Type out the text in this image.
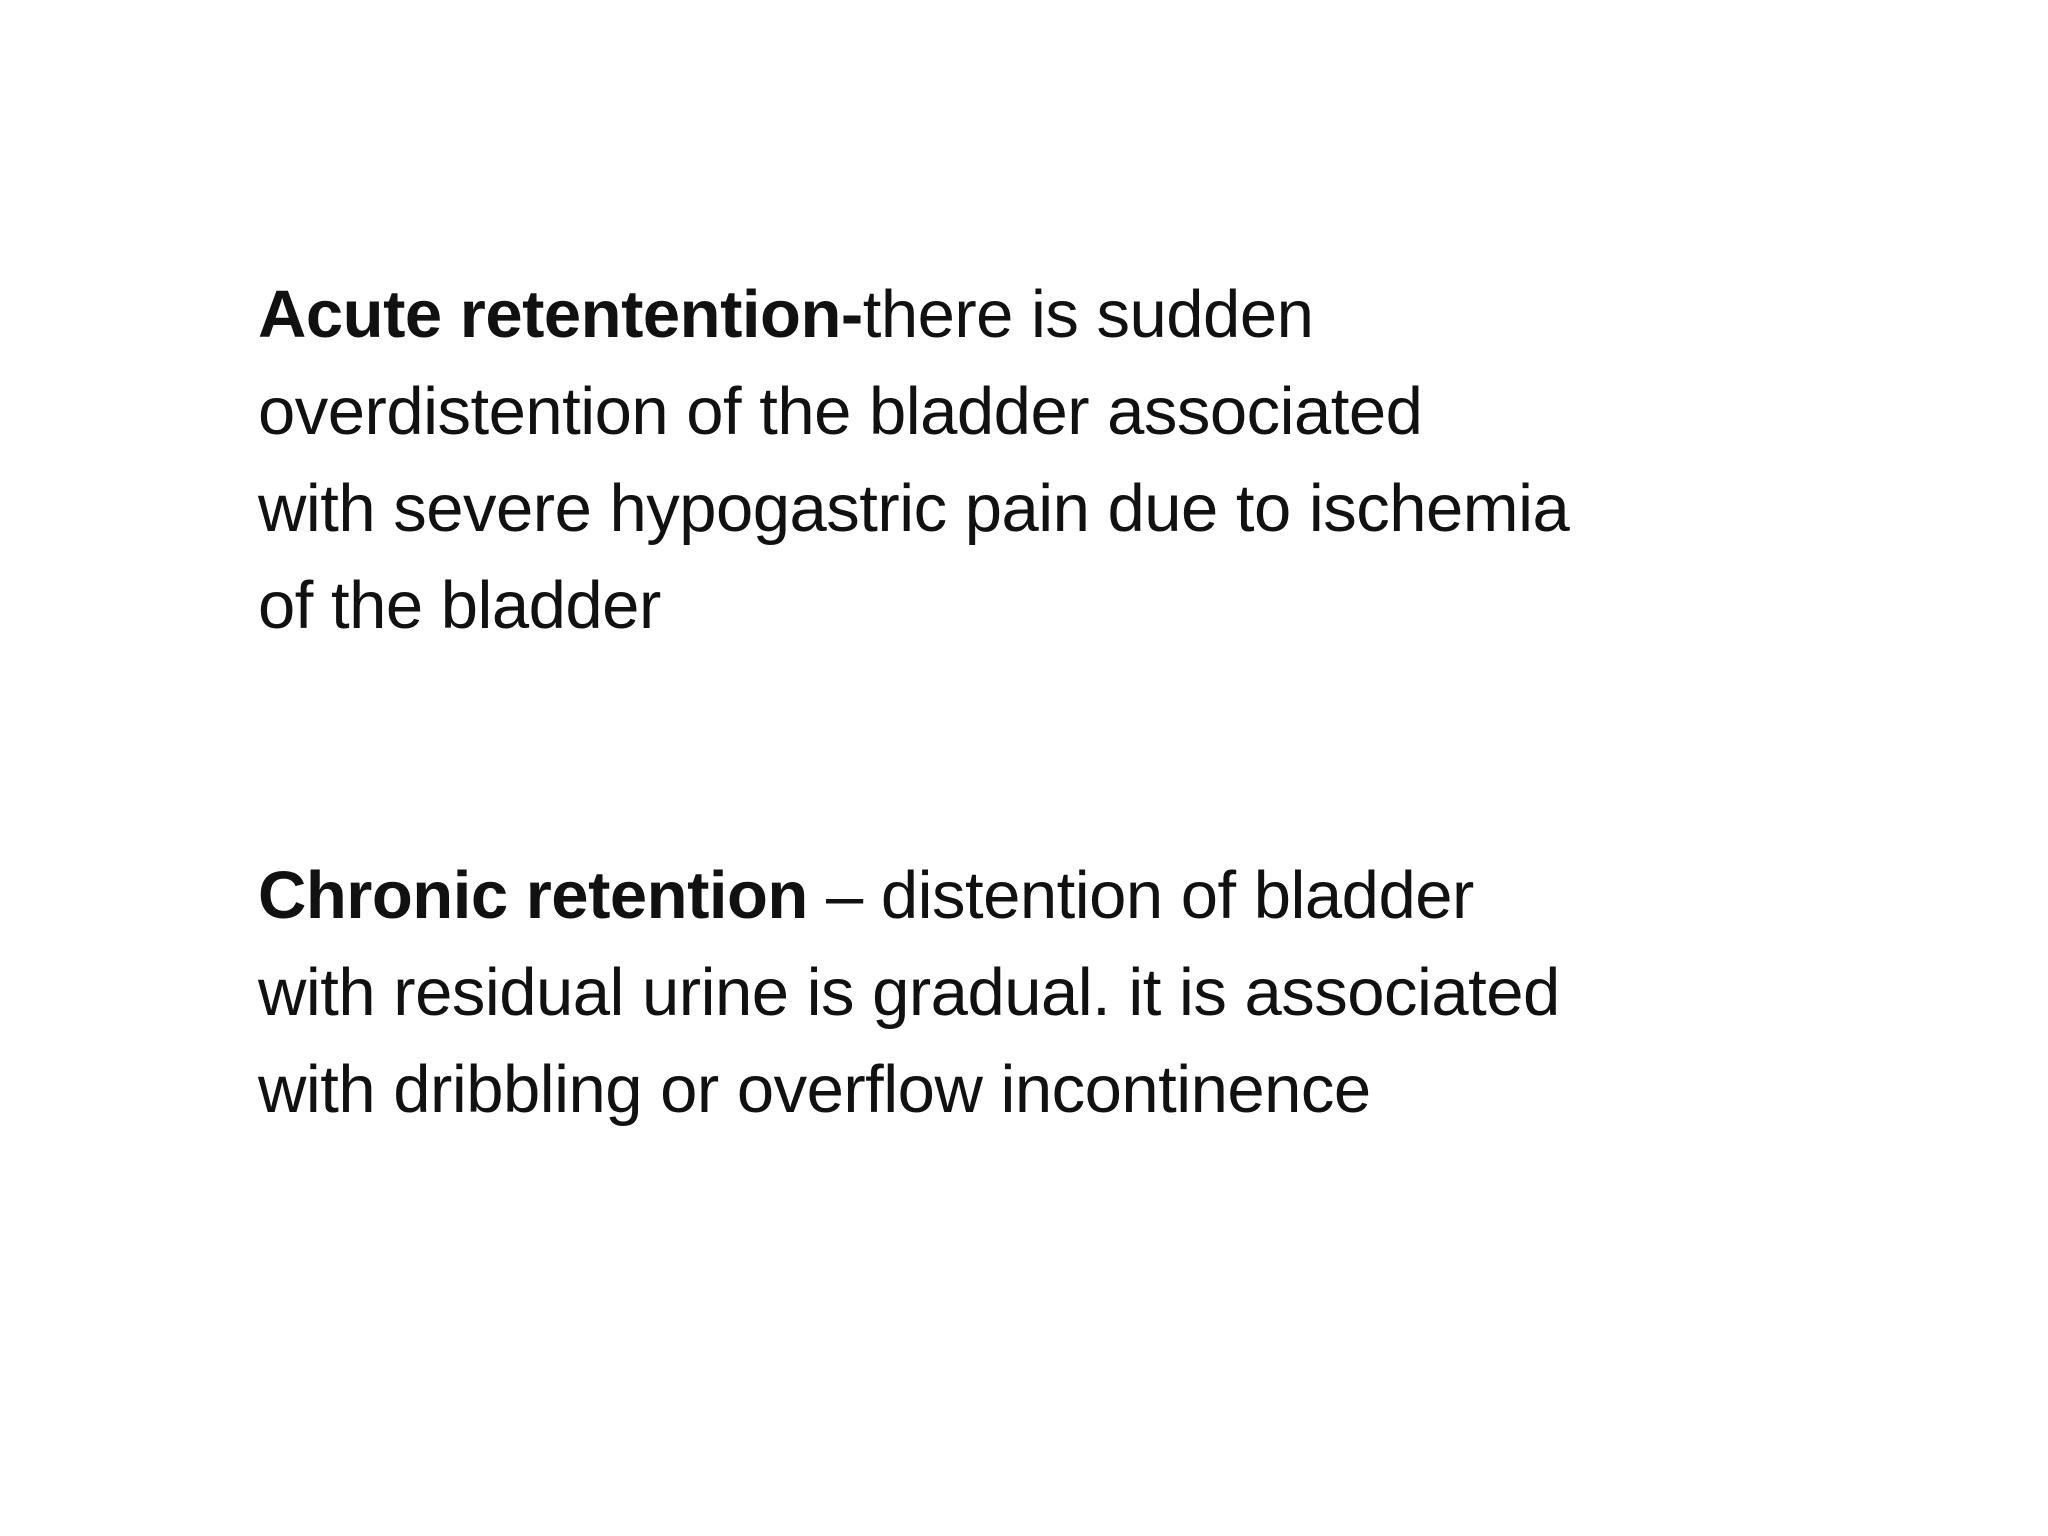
Acute retentention-there is sudden
overdistention of the bladder associated
with severe hypogastric pain due to ischemia
of the bladder

Chronic retention – distention of bladder
with residual urine is gradual. it is associated
with dribbling or overflow incontinence
